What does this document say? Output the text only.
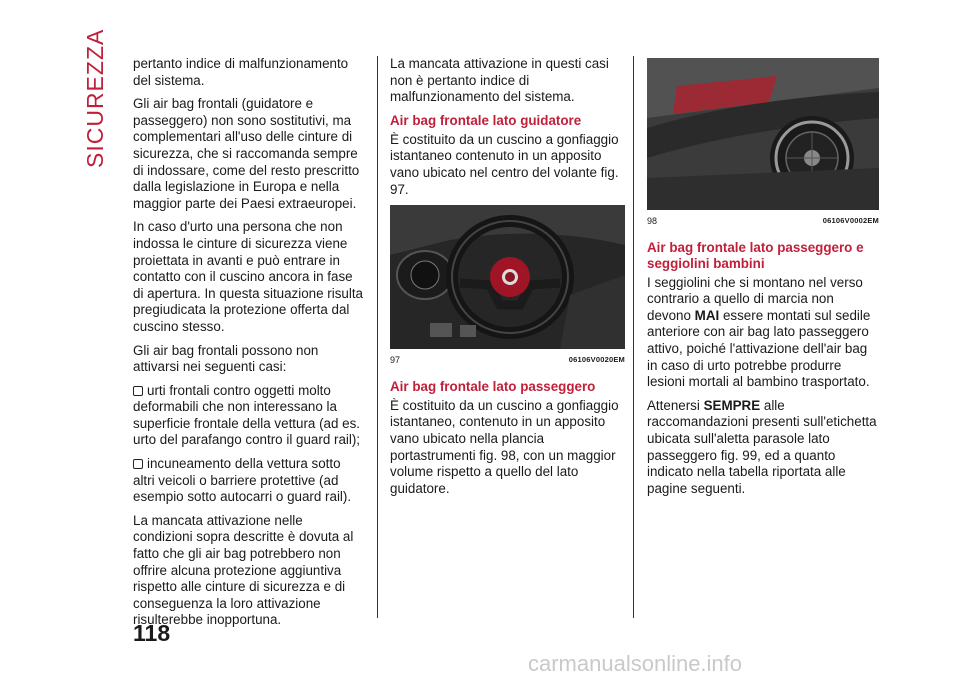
SICUREZZA pertanto indice di malfunzionamento del sistema.

Gli air bag frontali (guidatore e passeggero) non sono sostitutivi, ma complementari all'uso delle cinture di sicurezza, che si raccomanda sempre di indossare, come del resto prescritto dalla legislazione in Europa e nella maggior parte dei Paesi extraeuropei.

In caso d'urto una persona che non indossa le cinture di sicurezza viene proiettata in avanti e può entrare in contatto con il cuscino ancora in fase di apertura. In questa situazione risulta pregiudicata la protezione offerta dal cuscino stesso.

Gli air bag frontali possono non attivarsi nei seguenti casi:

urti frontali contro oggetti molto deformabili che non interessano la superficie frontale della vettura (ad es. urto del parafango contro il guard rail);

incuneamento della vettura sotto altri veicoli o barriere protettive (ad esempio sotto autocarri o guard rail).

La mancata attivazione nelle condizioni sopra descritte è dovuta al fatto che gli air bag potrebbero non offrire alcuna protezione aggiuntiva rispetto alle cinture di sicurezza e di conseguenza la loro attivazione risulterebbe inopportuna.

La mancata attivazione in questi casi non è pertanto indice di malfunzionamento del sistema.

Air bag frontale lato guidatore

È costituito da un cuscino a gonfiaggio istantaneo contenuto in un apposito vano ubicato nel centro del volante fig. 97.

97	06106V0020EM
Air bag frontale lato passeggero

È costituito da un cuscino a gonfiaggio istantaneo, contenuto in un apposito vano ubicato nella plancia portastrumenti fig. 98, con un maggior volume rispetto a quello del lato guidatore.

98	06106V0002EM
Air bag frontale lato passeggero e seggiolini bambini

I seggiolini che si montano nel verso contrario a quello di marcia non devono MAI essere montati sul sedile anteriore con air bag lato passeggero attivo, poiché l'attivazione dell'air bag in caso di urto potrebbe produrre lesioni mortali al bambino trasportato.

Attenersi SEMPRE alle raccomandazioni presenti sull'etichetta ubicata sull'aletta parasole lato passeggero fig. 99, ed a quanto indicato nella tabella riportata alle pagine seguenti.

118
carmanualsonline.info
